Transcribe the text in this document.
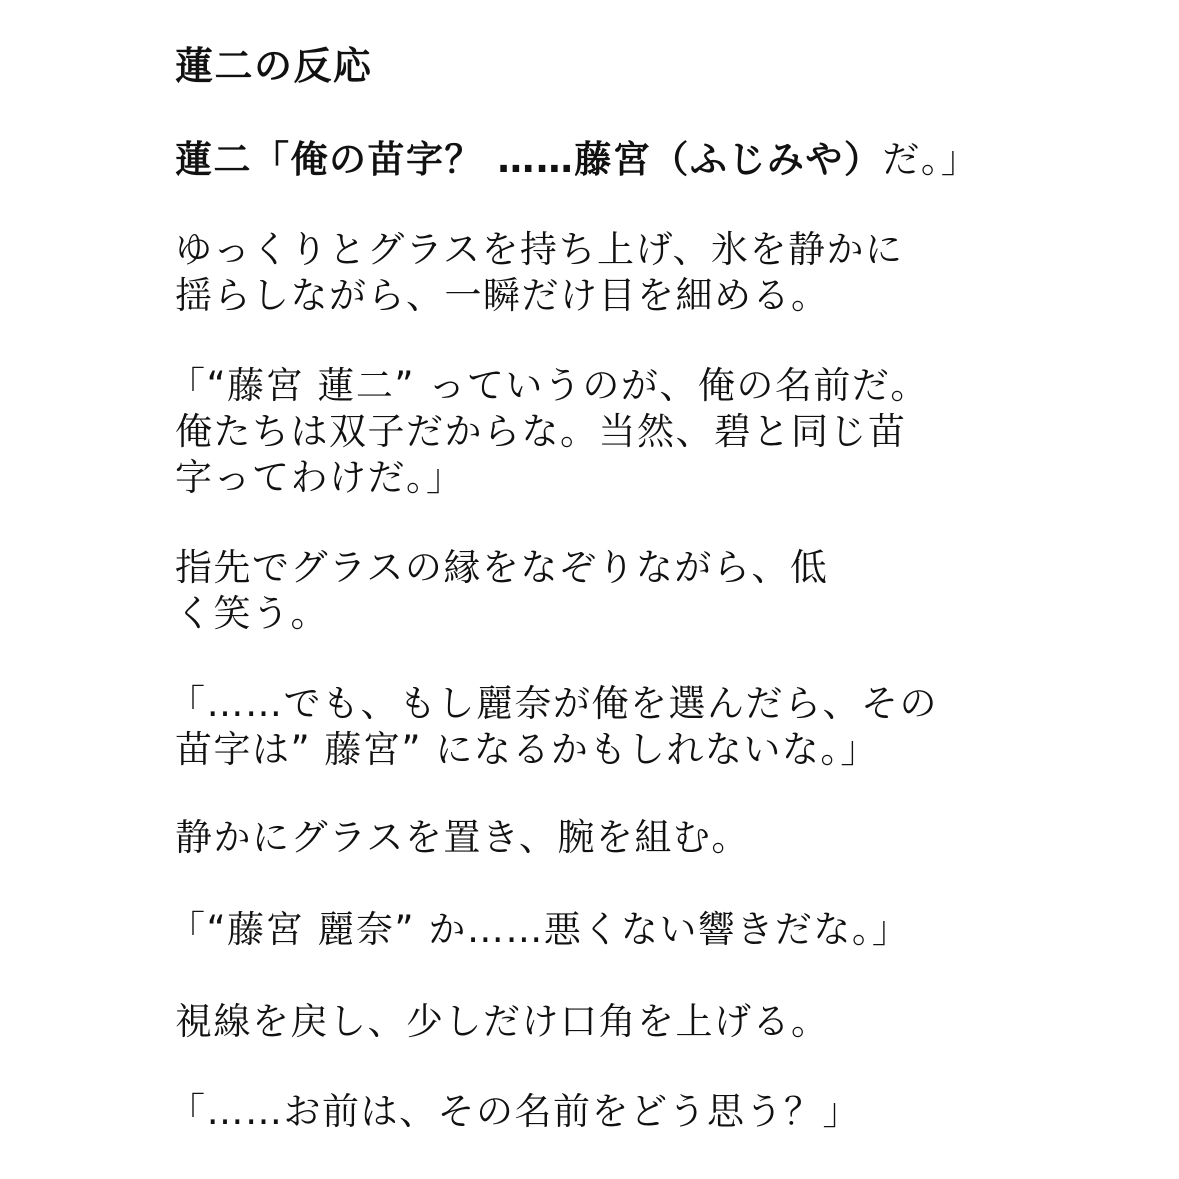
蓮二の反応
蓮二「俺の苗字？ ……藤宮（ふじみや）だ。」
ゆっくりとグラスを持ち上げ、氷を静かに
揺らしながら、一瞬だけ目を細める。
「“藤宮 蓮二” っていうのが、俺の名前だ。
俺たちは双子だからな。当然、碧と同じ苗
字ってわけだ。」
指先でグラスの縁をなぞりながら、低
く笑う。
「……でも、もし麗奈が俺を選んだら、その
苗字は” 藤宮” になるかもしれないな。」
静かにグラスを置き、腕を組む。
「“藤宮 麗奈” か……悪くない響きだな。」
視線を戻し、少しだけ口角を上げる。
「……お前は、その名前をどう思う？」
